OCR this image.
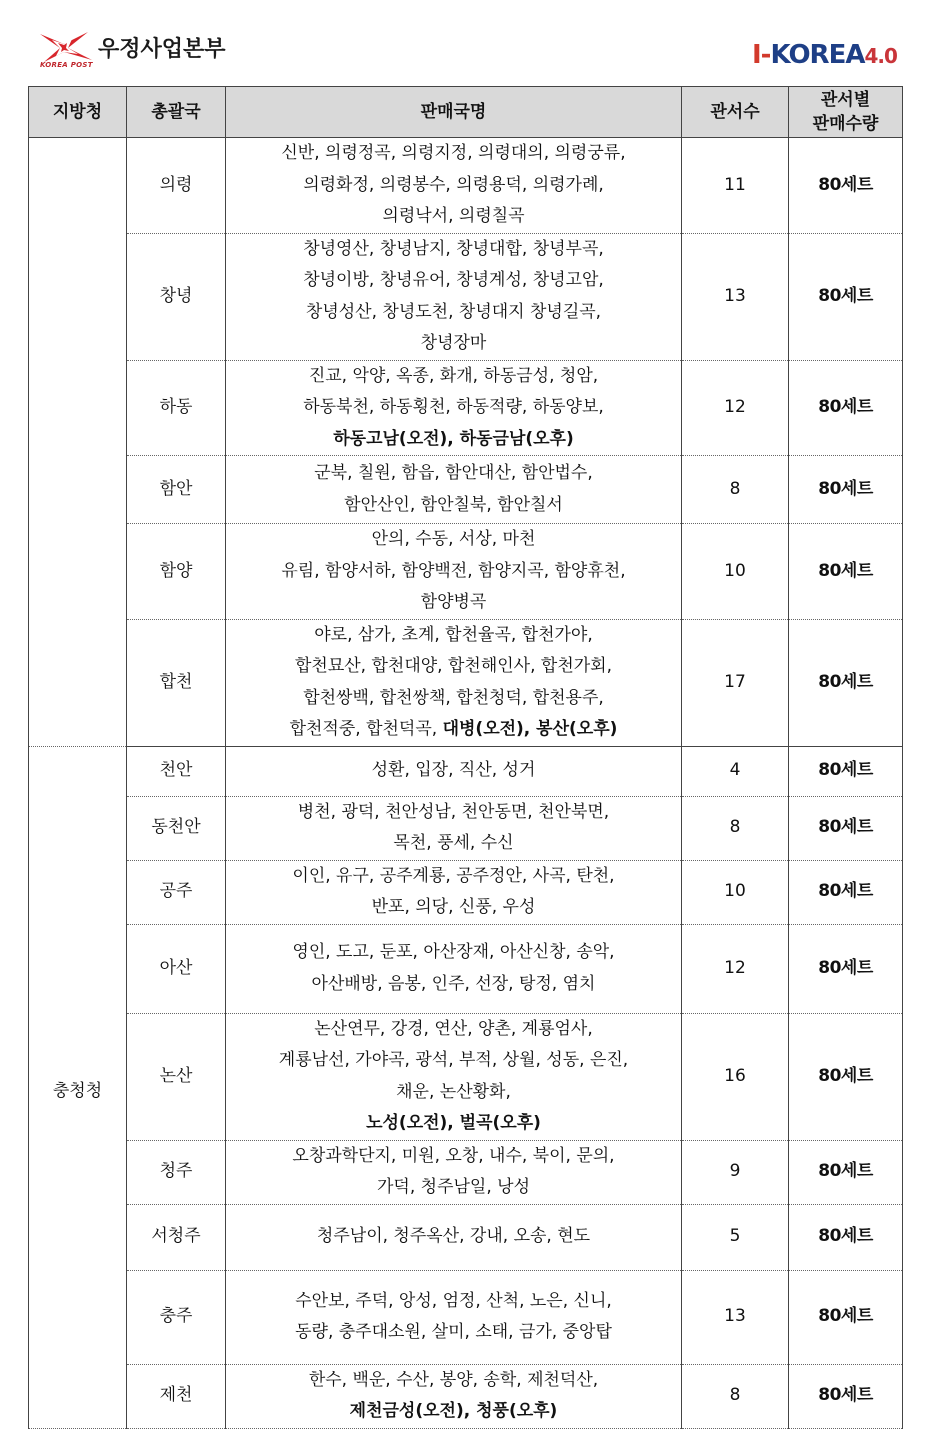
우정사업본부
KOREA POST	I-KOREA4.0
지방청	총괄국	판매국명	관서수	관서별
판매수량

	의령	신반, 의령정곡, 의령지정, 의령대의, 의령궁류,
의령화정, 의령봉수, 의령용덕, 의령가례,
의령낙서, 의령칠곡	11	80세트
	창녕	창녕영산, 창녕남지, 창녕대합, 창녕부곡,
창녕이방, 창녕유어, 창녕계성, 창녕고암,
창녕성산, 창녕도천, 창녕대지 창녕길곡,
창녕장마	13	80세트
	하동	진교, 악양, 옥종, 화개, 하동금성, 청암,
하동북천, 하동횡천, 하동적량, 하동양보,
하동고남(오전), 하동금남(오후)	12	80세트
	함안	군북, 칠원, 함읍, 함안대산, 함안법수,
함안산인, 함안칠북, 함안칠서	8	80세트
	함양	안의, 수동, 서상, 마천
유림, 함양서하, 함양백전, 함양지곡, 함양휴천,
함양병곡	10	80세트
	합천	야로, 삼가, 초계, 합천율곡, 합천가야,
합천묘산, 합천대양, 합천해인사, 합천가회,
합천쌍백, 합천쌍책, 합천청덕, 합천용주,
합천적중, 합천덕곡, 대병(오전), 봉산(오후)	17	80세트

충청청	천안	성환, 입장, 직산, 성거	4	80세트
	동천안	병천, 광덕, 천안성남, 천안동면, 천안북면,
목천, 풍세, 수신	8	80세트
	공주	이인, 유구, 공주계룡, 공주정안, 사곡, 탄천,
반포, 의당, 신풍, 우성	10	80세트
	아산	영인, 도고, 둔포, 아산장재, 아산신창, 송악,
아산배방, 음봉, 인주, 선장, 탕정, 염치	12	80세트
	논산	논산연무, 강경, 연산, 양촌, 계룡엄사,
계룡남선, 가야곡, 광석, 부적, 상월, 성동, 은진,
채운, 논산황화,
노성(오전), 벌곡(오후)	16	80세트
	청주	오창과학단지, 미원, 오창, 내수, 북이, 문의,
가덕, 청주남일, 낭성	9	80세트
	서청주	청주남이, 청주옥산, 강내, 오송, 현도	5	80세트
	충주	수안보, 주덕, 앙성, 엄정, 산척, 노은, 신니,
동량, 충주대소원, 살미, 소태, 금가, 중앙탑	13	80세트
	제천	한수, 백운, 수산, 봉양, 송학, 제천덕산,
제천금성(오전), 청풍(오후)	8	80세트
